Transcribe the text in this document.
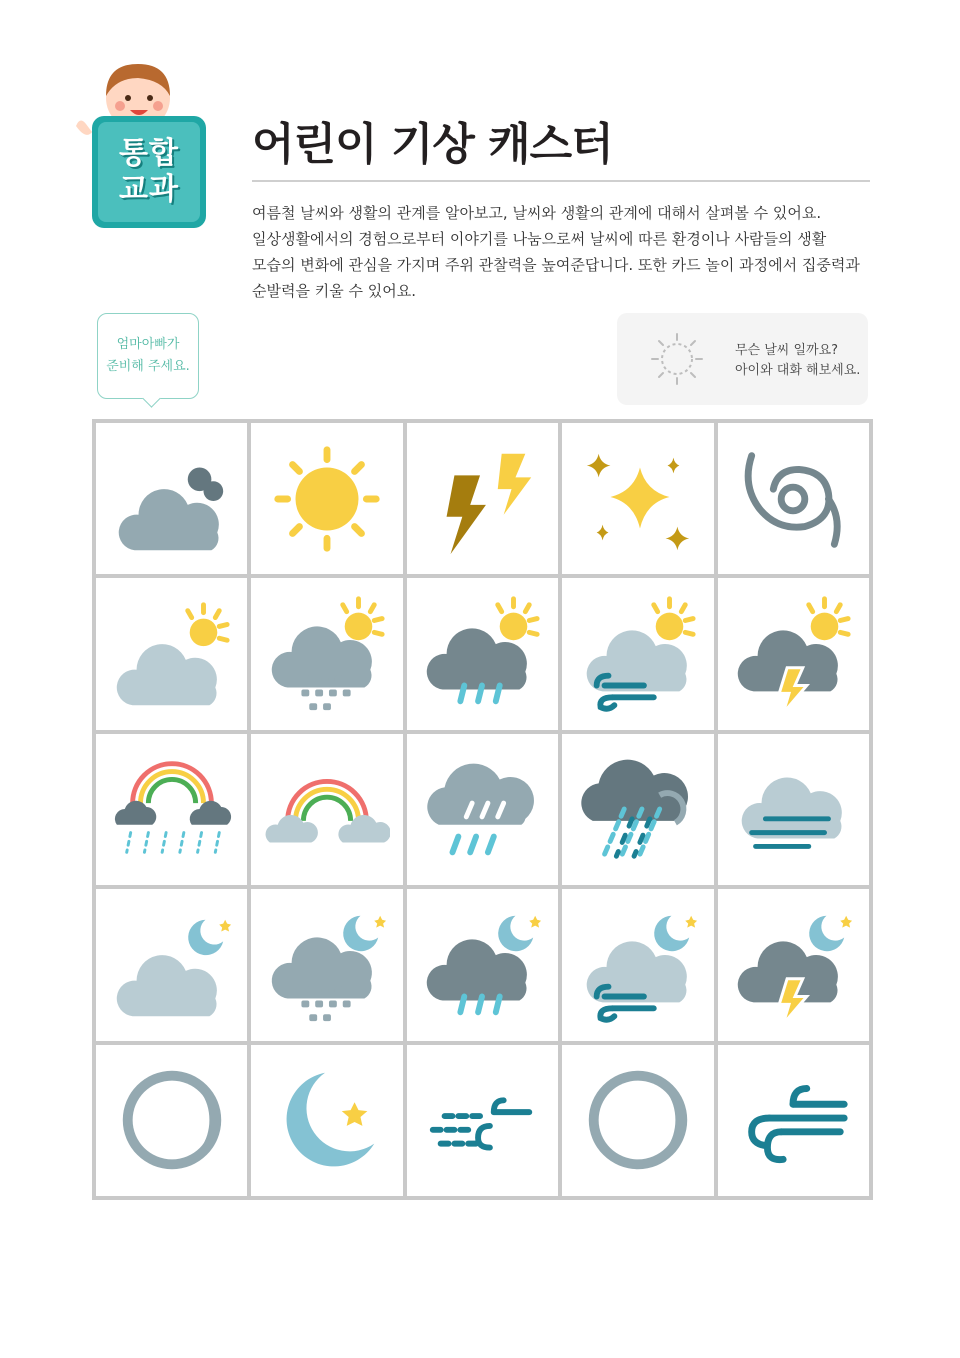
통합
교과
어린이 기상 캐스터

여름철 날씨와 생활의 관계를 알아보고, 날씨와 생활의 관계에 대해서 살펴볼 수 있어요.

일상생활에서의 경험으로부터 이야기를 나눔으로써 날씨에 따른 환경이나 사람들의 생활

모습의 변화에 관심을 가지며 주위 관찰력을 높여준답니다. 또한 카드 놀이 과정에서 집중력과

순발력을 키울 수 있어요.

엄마아빠가
준비해 주세요.
무슨 날씨 일까요?
아이와 대화 해보세요.
